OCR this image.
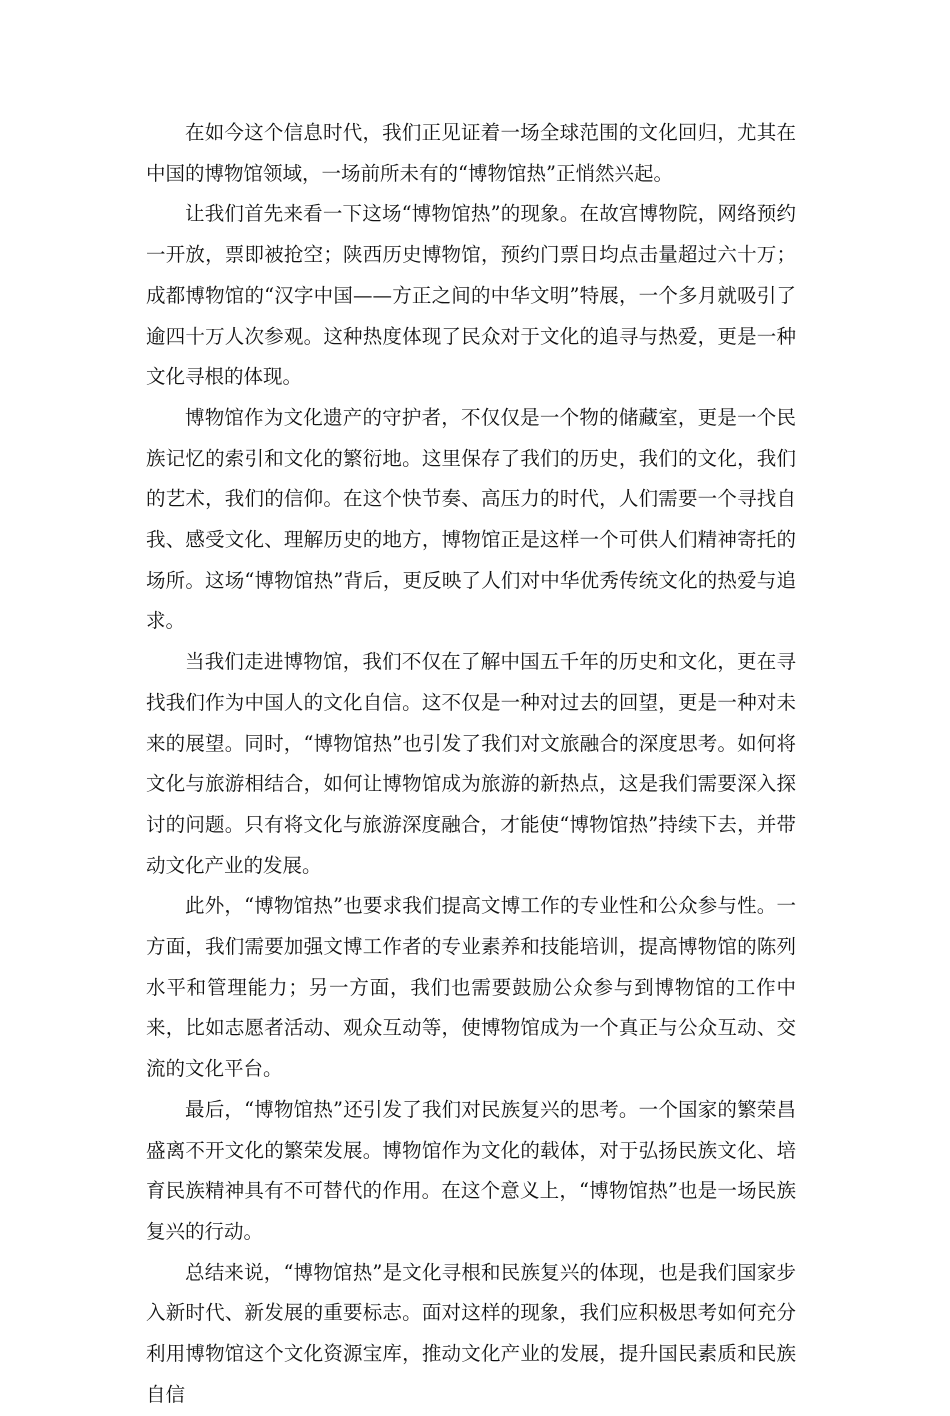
在如今这个信息时代，我们正见证着一场全球范围的文化回归，尤其在中国的博物馆领域，一场前所未有的“博物馆热”正悄然兴起。

让我们首先来看一下这场“博物馆热”的现象。在故宫博物院，网络预约一开放，票即被抢空；陕西历史博物馆，预约门票日均点击量超过六十万；成都博物馆的“汉字中国——方正之间的中华文明”特展，一个多月就吸引了逾四十万人次参观。这种热度体现了民众对于文化的追寻与热爱，更是一种文化寻根的体现。

博物馆作为文化遗产的守护者，不仅仅是一个物的储藏室，更是一个民族记忆的索引和文化的繁衍地。这里保存了我们的历史，我们的文化，我们的艺术，我们的信仰。在这个快节奏、高压力的时代，人们需要一个寻找自我、感受文化、理解历史的地方，博物馆正是这样一个可供人们精神寄托的场所。这场“博物馆热”背后，更反映了人们对中华优秀传统文化的热爱与追求。

当我们走进博物馆，我们不仅在了解中国五千年的历史和文化，更在寻找我们作为中国人的文化自信。这不仅是一种对过去的回望，更是一种对未来的展望。同时，“博物馆热”也引发了我们对文旅融合的深度思考。如何将文化与旅游相结合，如何让博物馆成为旅游的新热点，这是我们需要深入探讨的问题。只有将文化与旅游深度融合，才能使“博物馆热”持续下去，并带动文化产业的发展。

此外，“博物馆热”也要求我们提高文博工作的专业性和公众参与性。一方面，我们需要加强文博工作者的专业素养和技能培训，提高博物馆的陈列水平和管理能力；另一方面，我们也需要鼓励公众参与到博物馆的工作中来，比如志愿者活动、观众互动等，使博物馆成为一个真正与公众互动、交流的文化平台。

最后，“博物馆热”还引发了我们对民族复兴的思考。一个国家的繁荣昌盛离不开文化的繁荣发展。博物馆作为文化的载体，对于弘扬民族文化、培育民族精神具有不可替代的作用。在这个意义上，“博物馆热”也是一场民族复兴的行动。

总结来说，“博物馆热”是文化寻根和民族复兴的体现，也是我们国家步入新时代、新发展的重要标志。面对这样的现象，我们应积极思考如何充分利用博物馆这个文化资源宝库，推动文化产业的发展，提升国民素质和民族自信
